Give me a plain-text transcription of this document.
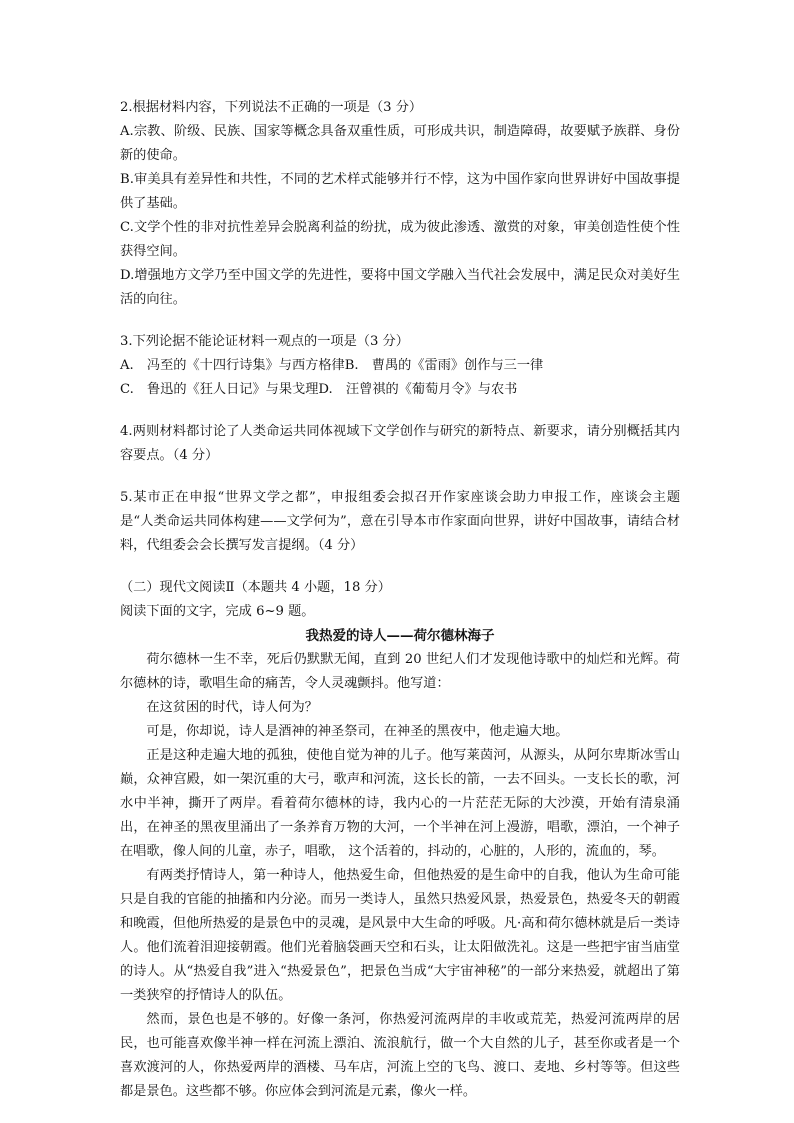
2.根据材料内容，下列说法不正确的一项是（3 分）

A.宗教、阶级、民族、国家等概念具备双重性质，可形成共识，制造障碍，故要赋予族群、身份新的使命。

B.审美具有差异性和共性，不同的艺术样式能够并行不悖，这为中国作家向世界讲好中国故事提供了基础。

C.文学个性的非对抗性差异会脱离利益的纷扰，成为彼此渗透、激赏的对象，审美创造性使个性获得空间。

D.增强地方文学乃至中国文学的先进性，要将中国文学融入当代社会发展中，满足民众对美好生活的向往。

3.下列论据不能论证材料一观点的一项是（3 分）

A.　冯至的《十四行诗集》与西方格律B.　曹禺的《雷雨》创作与三一律

C.　鲁迅的《狂人日记》与果戈理D.　汪曾祺的《葡萄月令》与农书

4.两则材料都讨论了人类命运共同体视域下文学创作与研究的新特点、新要求，请分别概括其内容要点。（4 分）

5.某市正在申报“世界文学之都”，申报组委会拟召开作家座谈会助力申报工作，座谈会主题是“人类命运共同体构建——文学何为”，意在引导本市作家面向世界，讲好中国故事，请结合材料，代组委会会长撰写发言提纲。（4 分）

（二）现代文阅读Ⅱ（本题共 4 小题，18 分）

阅读下面的文字，完成 6~9 题。

我热爱的诗人——荷尔德林海子

荷尔德林一生不幸，死后仍默默无闻，直到 20 世纪人们才发现他诗歌中的灿烂和光辉。荷尔德林的诗，歌唱生命的痛苦，令人灵魂颤抖。他写道：

在这贫困的时代，诗人何为？

可是，你却说，诗人是酒神的神圣祭司，在神圣的黑夜中，他走遍大地。

正是这种走遍大地的孤独，使他自觉为神的儿子。他写莱茵河，从源头，从阿尔卑斯冰雪山巅，众神宫殿，如一架沉重的大弓，歌声和河流，这长长的箭，一去不回头。一支长长的歌，河水中半神，撕开了两岸。看着荷尔德林的诗，我内心的一片茫茫无际的大沙漠，开始有清泉涌出，在神圣的黑夜里涌出了一条养育万物的大河，一个半神在河上漫游，唱歌，漂泊，一个神子在唱歌，像人间的儿童，赤子，唱歌， 这个活着的，抖动的，心脏的，人形的，流血的，琴。

有两类抒情诗人，第一种诗人，他热爱生命，但他热爱的是生命中的自我，他认为生命可能只是自我的官能的抽搐和内分泌。而另一类诗人，虽然只热爱风景，热爱景色，热爱冬天的朝霞和晚霞，但他所热爱的是景色中的灵魂，是风景中大生命的呼吸。凡·高和荷尔德林就是后一类诗人。他们流着泪迎接朝霞。他们光着脑袋画天空和石头，让太阳做洗礼。这是一些把宇宙当庙堂的诗人。从“热爱自我”进入“热爱景色”，把景色当成“大宇宙神秘”的一部分来热爱，就超出了第一类狭窄的抒情诗人的队伍。

然而，景色也是不够的。好像一条河，你热爱河流两岸的丰收或荒芜，热爱河流两岸的居民，也可能喜欢像半神一样在河流上漂泊、流浪航行，做一个大自然的儿子，甚至你或者是一个喜欢渡河的人，你热爱两岸的酒楼、马车店，河流上空的飞鸟、渡口、麦地、乡村等等。但这些都是景色。这些都不够。你应体会到河流是元素，像火一样。
